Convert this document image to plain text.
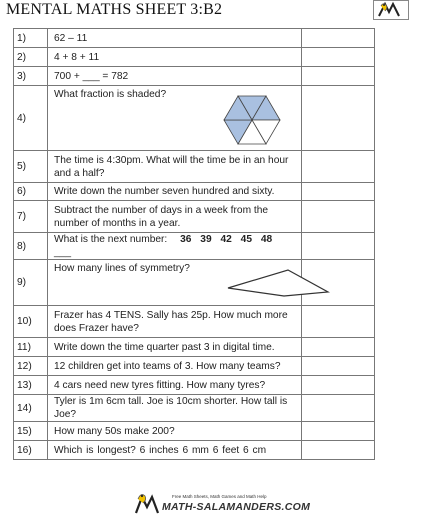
MENTAL MATHS SHEET 3:B2
1)	62 – 11	
2)	4 + 8 + 11	
3)	700 + ___ = 782	
4)	What fraction is shaded?	

5)	The time is 4:30pm. What will the time be in an hour and a half?	
6)	Write down the number seven hundred and sixty.	
7)	Subtract the number of days in a week from the number of months in a year.	
8)	What is the next number: 36 39 42 45 48 ___	
9)	How many lines of symmetry?	

10)	Frazer has 4 TENS. Sally has 25p. How much more does Frazer have?	
11)	Write down the time quarter past 3 in digital time.	
12)	12 children get into teams of 3. How many teams?	
13)	4 cars need new tyres fitting. How many tyres?	
14)	Tyler is 1m 6cm tall. Joe is 10cm shorter. How tall is Joe?	
15)	How many 50s make 200?	
16)	Which is longest? 6 inches 6 mm 6 feet 6 cm	
Free Math Sheets, Math Games and Math Help
MATH-SALAMANDERS.COM
